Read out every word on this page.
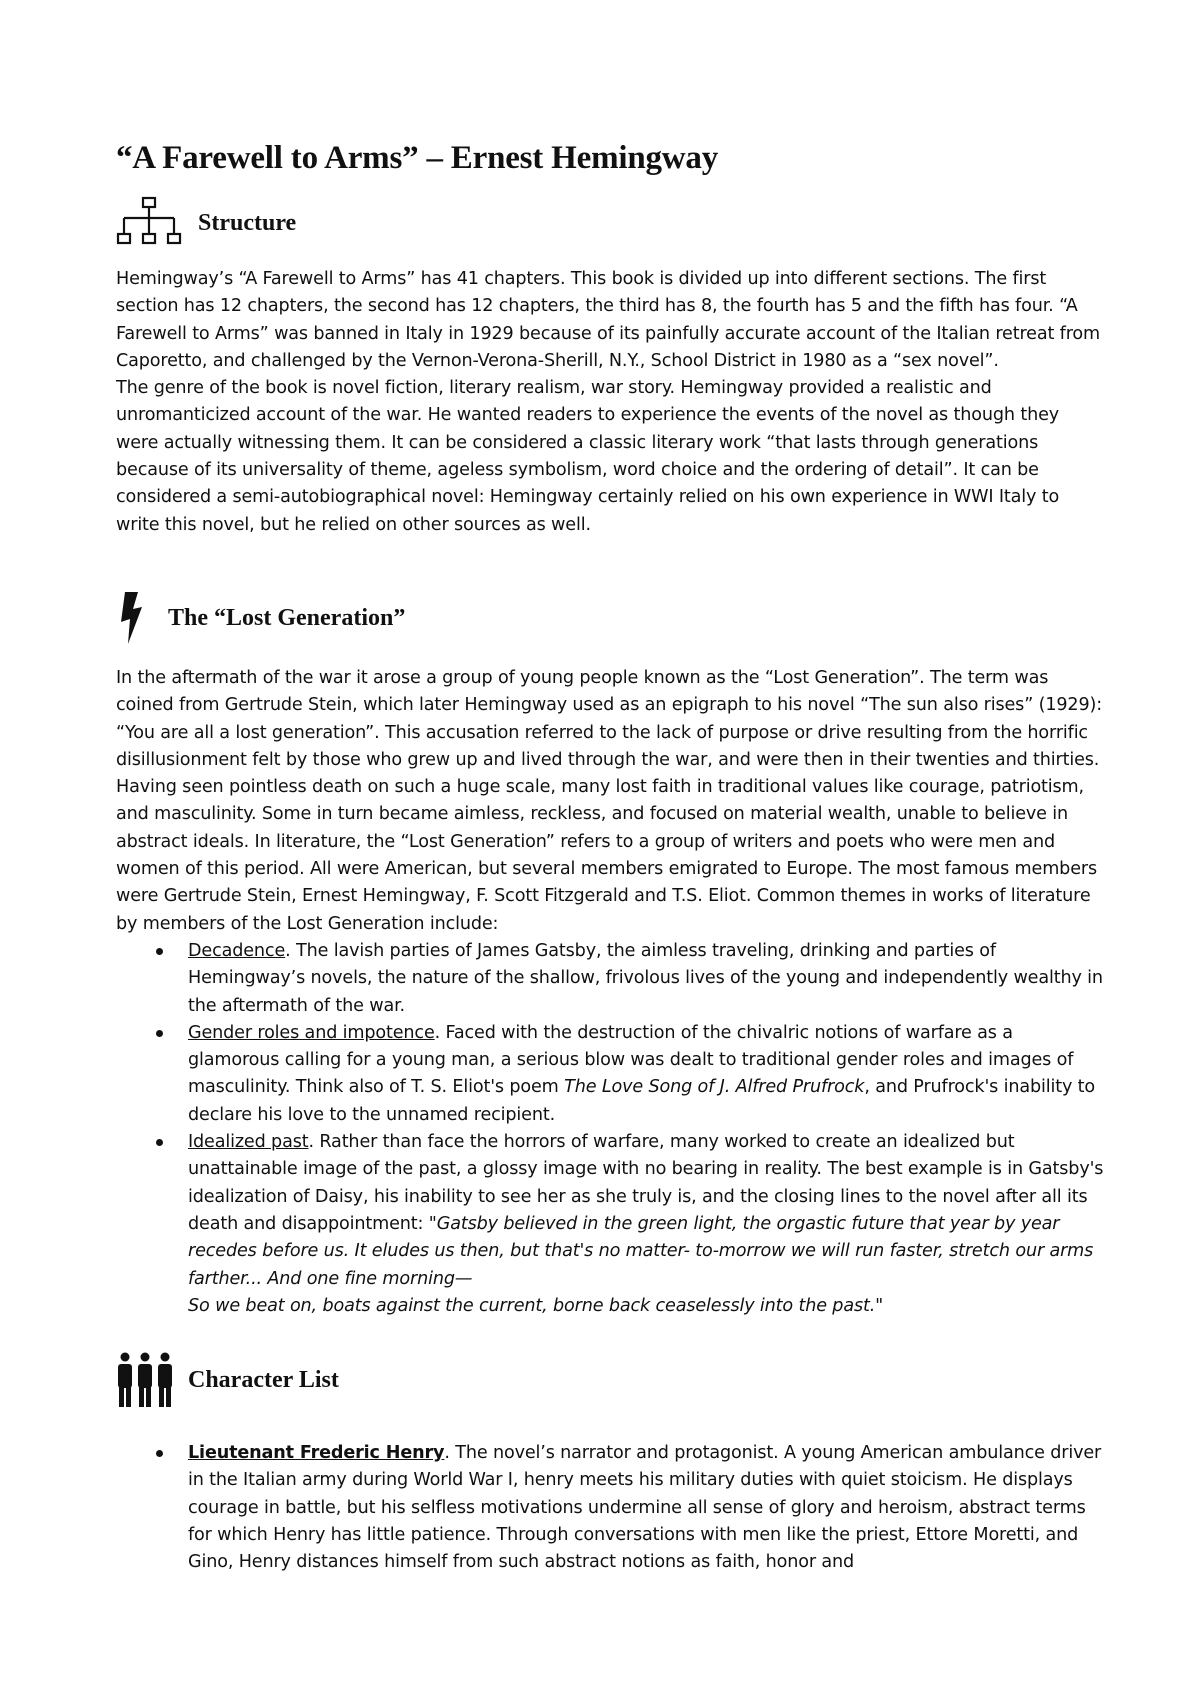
“A Farewell to Arms” – Ernest Hemingway
Structure

Hemingway’s “A Farewell to Arms” has 41 chapters. This book is divided up into different sections. The first section has 12 chapters, the second has 12 chapters, the third has 8, the fourth has 5 and the fifth has four. “A Farewell to Arms” was banned in Italy in 1929 because of its painfully accurate account of the Italian retreat from Caporetto, and challenged by the Vernon-Verona-Sherill, N.Y., School District in 1980 as a “sex novel”.

The genre of the book is novel fiction, literary realism, war story. Hemingway provided a realistic and unromanticized account of the war. He wanted readers to experience the events of the novel as though they were actually witnessing them. It can be considered a classic literary work “that lasts through generations because of its universality of theme, ageless symbolism, word choice and the ordering of detail”. It can be considered a semi-autobiographical novel: Hemingway certainly relied on his own experience in WWI Italy to write this novel, but he relied on other sources as well.

The “Lost Generation”

In the aftermath of the war it arose a group of young people known as the “Lost Generation”. The term was coined from Gertrude Stein, which later Hemingway used as an epigraph to his novel “The sun also rises” (1929): “You are all a lost generation”. This accusation referred to the lack of purpose or drive resulting from the horrific disillusionment felt by those who grew up and lived through the war, and were then in their twenties and thirties. Having seen pointless death on such a huge scale, many lost faith in traditional values like courage, patriotism, and masculinity. Some in turn became aimless, reckless, and focused on material wealth, unable to believe in abstract ideals. In literature, the “Lost Generation” refers to a group of writers and poets who were men and women of this period. All were American, but several members emigrated to Europe. The most famous members were Gertrude Stein, Ernest Hemingway, F. Scott Fitzgerald and T.S. Eliot. Common themes in works of literature by members of the Lost Generation include:

Decadence. The lavish parties of James Gatsby, the aimless traveling, drinking and parties of Hemingway’s novels, the nature of the shallow, frivolous lives of the young and independently wealthy in the aftermath of the war.
Gender roles and impotence. Faced with the destruction of the chivalric notions of warfare as a glamorous calling for a young man, a serious blow was dealt to traditional gender roles and images of masculinity. Think also of T. S. Eliot's poem The Love Song of J. Alfred Prufrock, and Prufrock's inability to declare his love to the unnamed recipient.
Idealized past. Rather than face the horrors of warfare, many worked to create an idealized but unattainable image of the past, a glossy image with no bearing in reality. The best example is in Gatsby's idealization of Daisy, his inability to see her as she truly is, and the closing lines to the novel after all its death and disappointment: "Gatsby believed in the green light, the orgastic future that year by year recedes before us. It eludes us then, but that's no matter- to-morrow we will run faster, stretch our arms farther... And one fine morning—
So we beat on, boats against the current, borne back ceaselessly into the past."
Character List
Lieutenant Frederic Henry. The novel’s narrator and protagonist. A young American ambulance driver in the Italian army during World War I, henry meets his military duties with quiet stoicism. He displays courage in battle, but his selfless motivations undermine all sense of glory and heroism, abstract terms for which Henry has little patience. Through conversations with men like the priest, Ettore Moretti, and Gino, Henry distances himself from such abstract notions as faith, honor and
